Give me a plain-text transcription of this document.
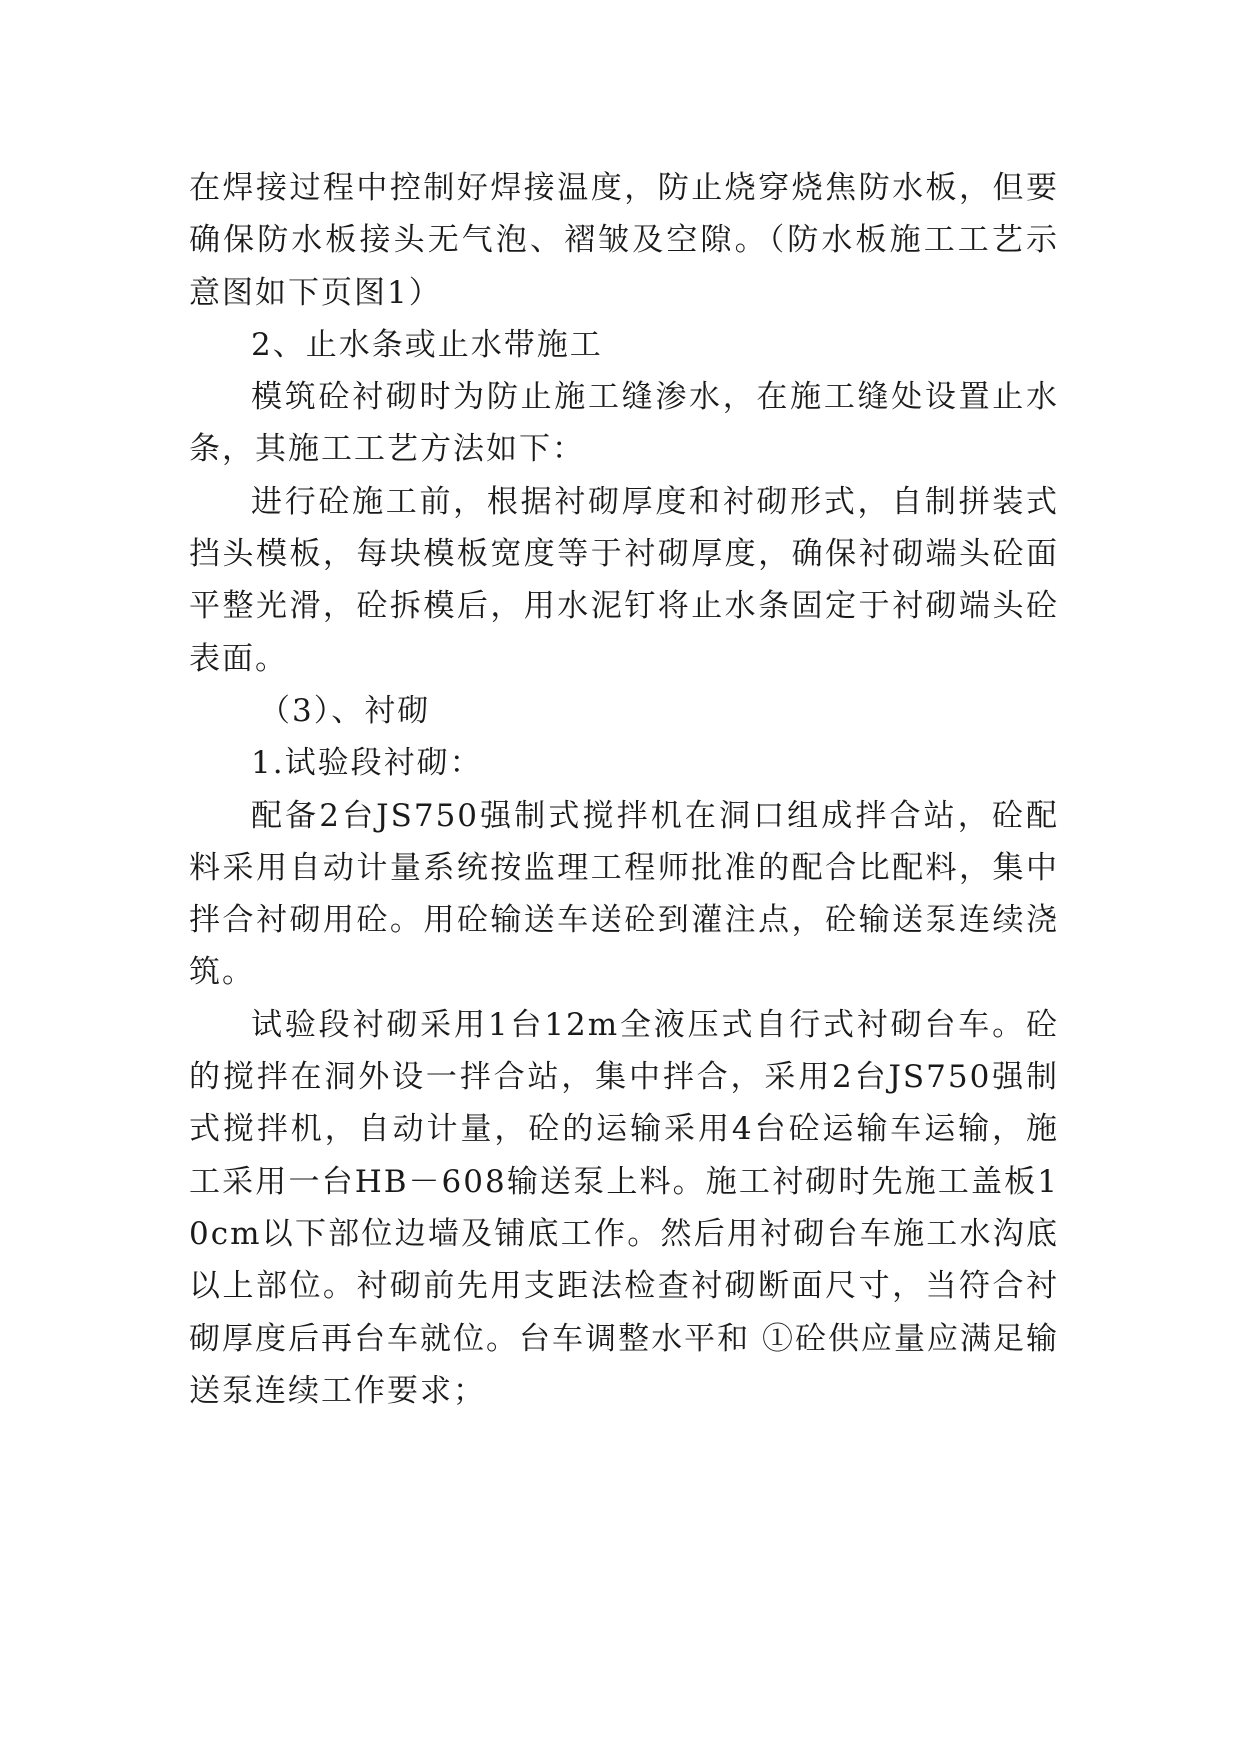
在焊接过程中控制好焊接温度，防止烧穿烧焦防水板，但要确保防水板接头无气泡、褶皱及空隙。（防水板施工工艺示意图如下页图1）

2、止水条或止水带施工

模筑砼衬砌时为防止施工缝渗水，在施工缝处设置止水条，其施工工艺方法如下：

进行砼施工前，根据衬砌厚度和衬砌形式，自制拼装式挡头模板，每块模板宽度等于衬砌厚度，确保衬砌端头砼面平整光滑，砼拆模后，用水泥钉将止水条固定于衬砌端头砼表面。

（3）、衬砌

1.试验段衬砌：

配备2台JS750强制式搅拌机在洞口组成拌合站，砼配料采用自动计量系统按监理工程师批准的配合比配料，集中拌合衬砌用砼。用砼输送车送砼到灌注点，砼输送泵连续浇筑。

试验段衬砌采用1台12m全液压式自行式衬砌台车。砼的搅拌在洞外设一拌合站，集中拌合，采用2台JS750强制式搅拌机，自动计量，砼的运输采用4台砼运输车运输，施工采用一台HB－608输送泵上料。施工衬砌时先施工盖板10cm以下部位边墙及铺底工作。然后用衬砌台车施工水沟底以上部位。衬砌前先用支距法检查衬砌断面尺寸，当符合衬砌厚度后再台车就位。台车调整水平和 ①砼供应量应满足输送泵连续工作要求；
